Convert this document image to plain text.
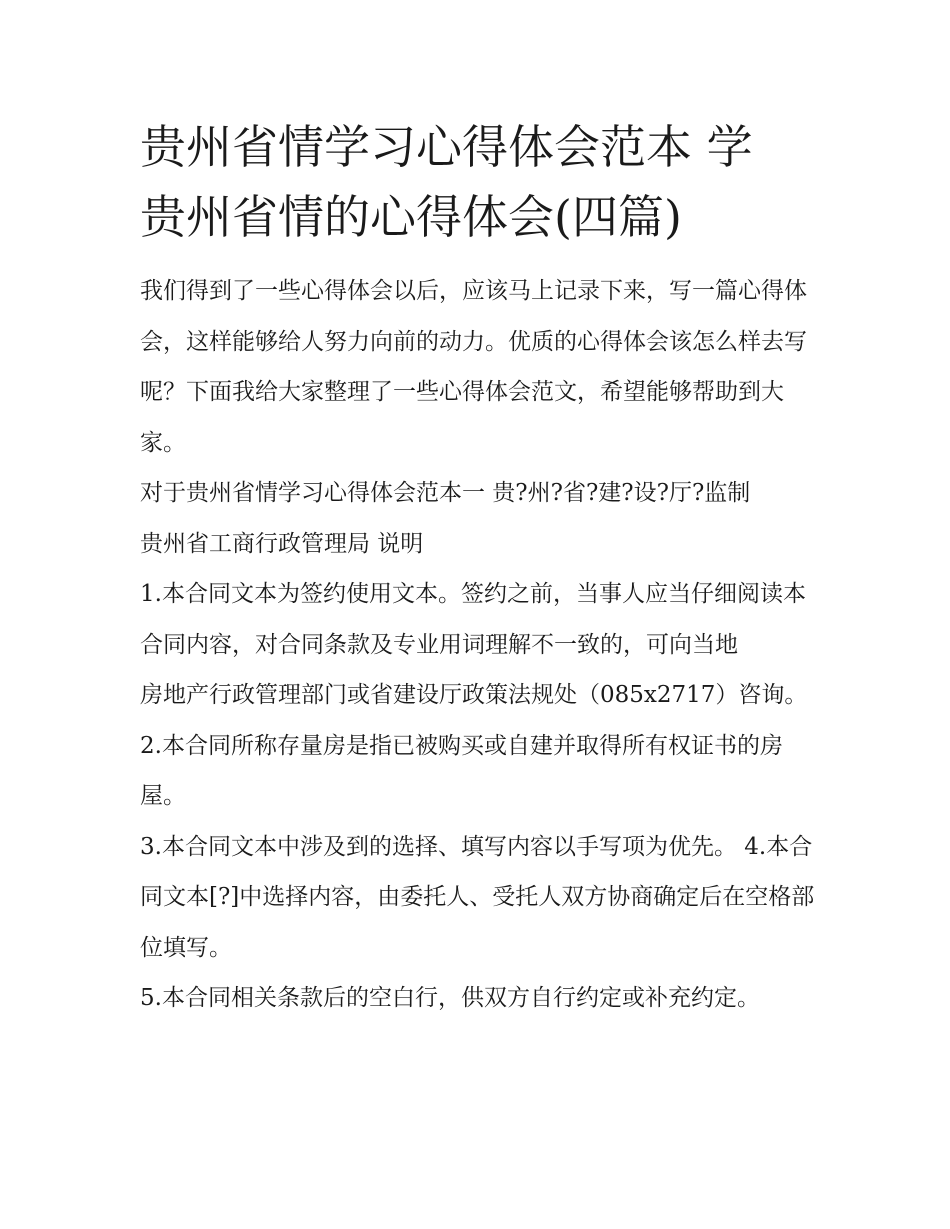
贵州省情学习心得体会范本 学
贵州省情的心得体会(四篇)

我们得到了一些心得体会以后，应该马上记录下来，写一篇心得体会，这样能够给人努力向前的动力。优质的心得体会该怎么样去写呢？下面我给大家整理了一些心得体会范文，希望能够帮助到大家。

对于贵州省情学习心得体会范本一 贵?州?省?建?设?厅?监制

贵州省工商行政管理局 说明

1.本合同文本为签约使用文本。签约之前，当事人应当仔细阅读本合同内容，对合同条款及专业用词理解不一致的，可向当地

房地产行政管理部门或省建设厅政策法规处（085x2717）咨询。 2.本合同所称存量房是指已被购买或自建并取得所有权证书的房屋。

3.本合同文本中涉及到的选择、填写内容以手写项为优先。 4.本合同文本[?]中选择内容，由委托人、受托人双方协商确定后在空格部位填写。

5.本合同相关条款后的空白行，供双方自行约定或补充约定。
